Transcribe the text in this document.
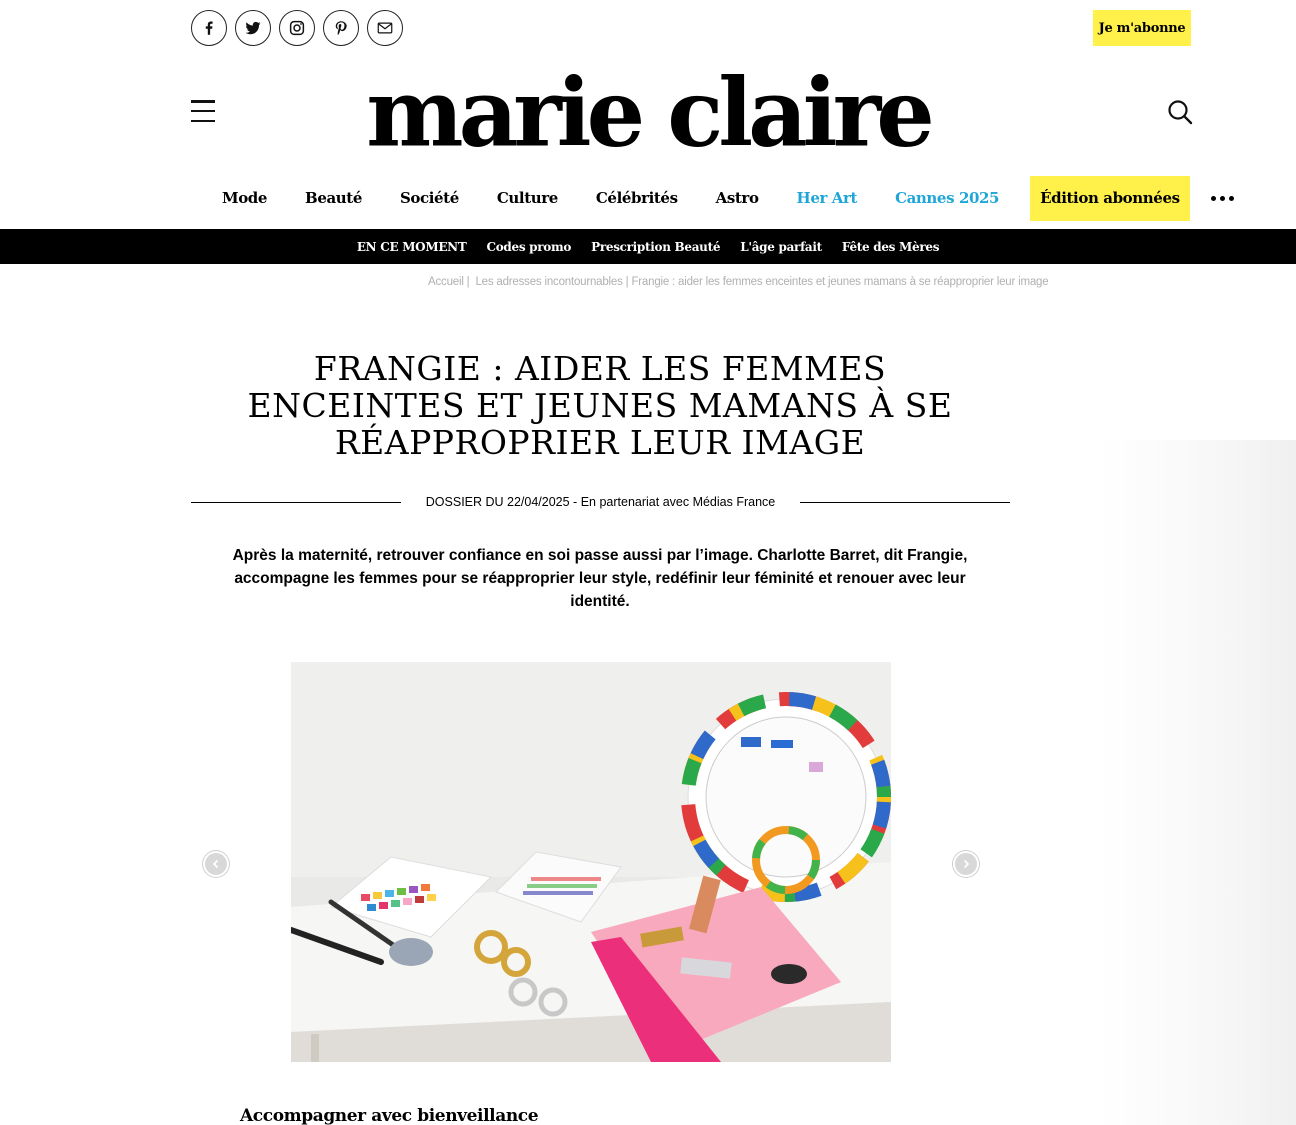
Je m'abonne
marie claire
Mode	Beauté	Société	Culture	Célébrités	Astro	Her Art	Cannes 2025	Édition abonnées
EN CE MOMENT Codes promo Prescription Beauté L'âge parfait Fête des Mères
Accueil | Les adresses incontournables | Frangie : aider les femmes enceintes et jeunes mamans à se réapproprier leur image
FRANGIE : AIDER LES FEMMES ENCEINTES ET JEUNES MAMANS À SE RÉAPPROPRIER LEUR IMAGE
DOSSIER DU 22/04/2025 - En partenariat avec Médias France

Après la maternité, retrouver confiance en soi passe aussi par l’image. Charlotte Barret, dit Frangie, accompagne les femmes pour se réapproprier leur style, redéfinir leur féminité et renouer avec leur identité.

Accompagner avec bienveillance
